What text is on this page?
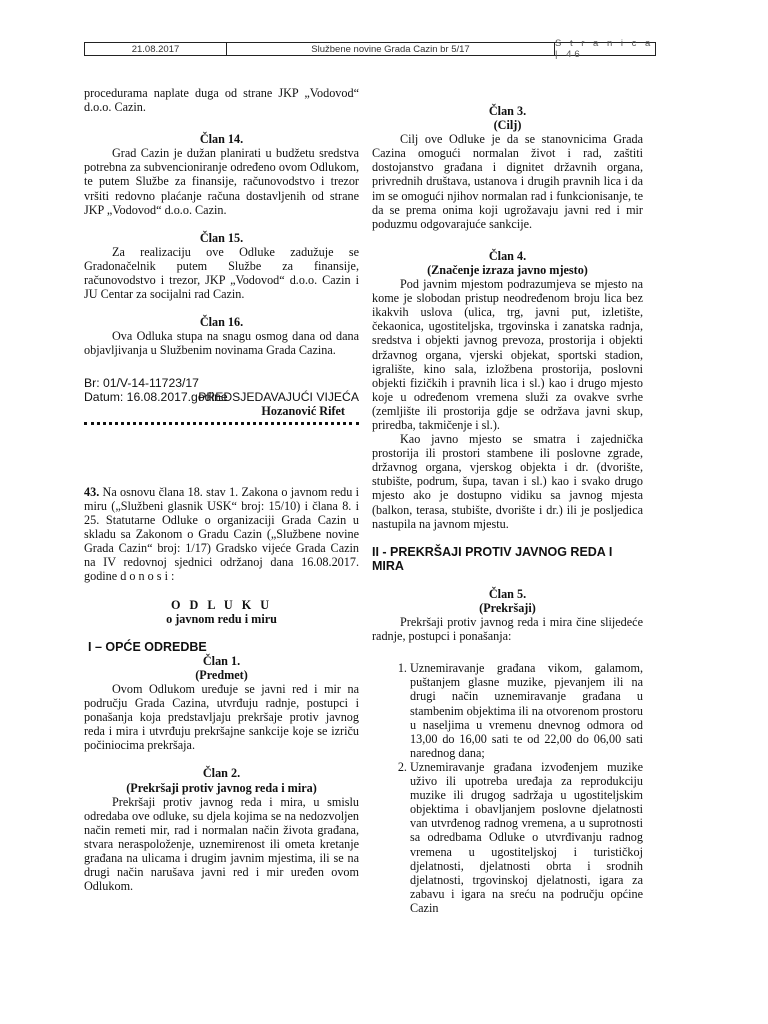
21.08.2017	Službene novine Grada Cazin br 5/17	S t r a n i c a | 46

procedurama naplate duga od strane JKP „Vodovod“ d.o.o. Cazin.

Član 14.

Grad Cazin je dužan planirati u budžetu sredstva potrebna za subvencioniranje određeno ovom Odlukom, te putem Službe za finansije, računovodstvo i trezor vršiti redovno plaćanje računa dostavljenih od strane JKP „Vodovod“ d.o.o. Cazin.

Član 15.

Za realizaciju ove Odluke zadužuje se Gradonačelnik putem Službe za finansije, računovodstvo i trezor, JKP „Vodovod“ d.o.o. Cazin i JU Centar za socijalni rad Cazin.

Član 16.

Ova Odluka stupa na snagu osmog dana od dana objavljivanja u Službenim novinama Grada Cazina.

Br: 01/V-14-11723/17

Datum: 16.08.2017.godine

PREDSJEDAVAJUĆI VIJEĆA

Hozanović Rifet

43. Na osnovu člana 18. stav 1. Zakona o javnom redu i miru („Službeni glasnik USK“ broj: 15/10) i člana 8. i 25. Statutarne Odluke o organizaciji Grada Cazin u skladu sa Zakonom o Gradu Cazin („Službene novine Grada Cazin“ broj: 1/17) Gradsko vijeće Grada Cazin na IV redovnoj sjednici održanoj dana 16.08.2017. godine d o n o s i :

O D L U K U

o javnom redu i miru

I – OPĆE ODREDBE

Član 1.

(Predmet)

Ovom Odlukom uređuje se javni red i mir na području Grada Cazina, utvrđuju radnje, postupci i ponašanja koja predstavljaju prekršaje protiv javnog reda i mira i utvrđuju prekršajne sankcije koje se izriču počiniocima prekršaja.

Član 2.

(Prekršaji protiv javnog reda i mira)

Prekršaji protiv javnog reda i mira, u smislu odredaba ove odluke, su djela kojima se na nedozvoljen način remeti mir, rad i normalan način života građana, stvara neraspoloženje, uznemirenost ili ometa kretanje građana na ulicama i drugim javnim mjestima, ili se na drugi način narušava javni red i mir uređen ovom Odlukom.

Član 3.

(Cilj)

Cilj ove Odluke je da se stanovnicima Grada Cazina omogući normalan život i rad, zaštiti dostojanstvo građana i dignitet državnih organa, privrednih društava, ustanova i drugih pravnih lica i da im se omogući njihov normalan rad i funkcionisanje, te da se prema onima koji ugrožavaju javni red i mir poduzmu odgovarajuće sankcije.

Član 4.

(Značenje izraza javno mjesto)

Pod javnim mjestom podrazumjeva se mjesto na kome je slobodan pristup neodređenom broju lica bez ikakvih uslova (ulica, trg, javni put, izletište, čekaonica, ugostiteljska, trgovinska i zanatska radnja, sredstva i objekti javnog prevoza, prostorija i objekti državnog organa, vjerski objekat, sportski stadion, igralište, kino sala, izložbena prostorija, poslovni objekti fizičkih i pravnih lica i sl.) kao i drugo mjesto koje u određenom vremena služi za ovakve svrhe (zemljište ili prostorija gdje se održava javni skup, priredba, takmičenje i sl.).

Kao javno mjesto se smatra i zajednička prostorija ili prostori stambene ili poslovne zgrade, državnog organa, vjerskog objekta i dr. (dvorište, stubište, podrum, šupa, tavan i sl.) kao i svako drugo mjesto ako je dostupno vidiku sa javnog mjesta (balkon, terasa, stubište, dvorište i dr.) ili je posljedica nastupila na javnom mjestu.

II - PREKRŠAJI PROTIV JAVNOG REDA I MIRA

Član 5.

(Prekršaji)

Prekršaji protiv javnog reda i mira čine slijedeće radnje, postupci i ponašanja:

1. Uznemiravanje građana vikom, galamom, puštanjem glasne muzike, pjevanjem ili na drugi način uznemiravanje građana u stambenim objektima ili na otvorenom prostoru u naseljima u vremenu dnevnog odmora od 13,00 do 16,00 sati te od 22,00 do 06,00 sati narednog dana;
2. Uznemiravanje građana izvođenjem muzike uživo ili upotreba uređaja za reprodukciju muzike ili drugog sadržaja u ugostiteljskim objektima i obavljanjem poslovne djelatnosti van utvrđenog radnog vremena, a u suprotnosti sa odredbama Odluke o utvrđivanju radnog vremena u ugostiteljskoj i turističkoj djelatnosti, djelatnosti obrta i srodnih djelatnosti, trgovinskoj djelatnosti, igara za zabavu i igara na sreću na području općine Cazin
